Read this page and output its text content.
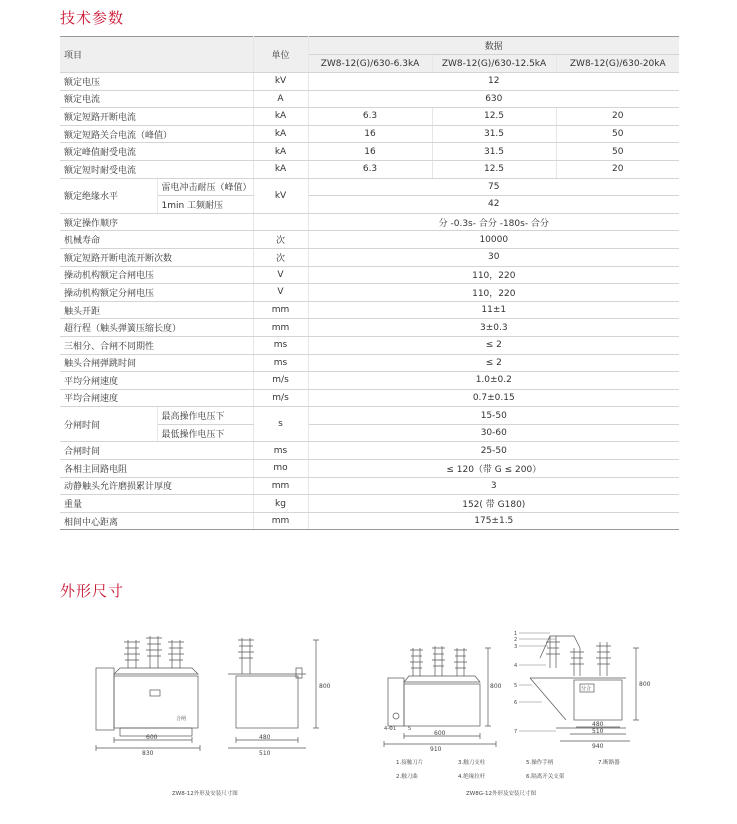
技术参数
项目		单位	数据		
			ZW8-12(G)/630-6.3kA	ZW8-12(G)/630-12.5kA	ZW8-12(G)/630-20kA
额定电压		kV	12		
额定电流		A	630		
额定短路开断电流		kA	6.3	12.5	20
额定短路关合电流（峰值）		kA	16	31.5	50
额定峰值耐受电流		kA	16	31.5	50
额定短时耐受电流		kA	6.3	12.5	20
额定绝缘水平	雷电冲击耐压（峰值）	kV	75		
	1min 工频耐压		42		
额定操作顺序			分 -0.3s- 合分 -180s- 合分		
机械寿命		次	10000		
额定短路开断电流开断次数		次	30		
操动机构额定合闸电压		V	110，220		
操动机构额定分闸电压		V	110，220		
触头开距		mm	11±1		
超行程（触头弹簧压缩长度）		mm	3±0.3		
三相分、合闸不同期性		ms	≤ 2		
触头合闸弹跳时间		ms	≤ 2		
平均分闸速度		m/s	1.0±0.2		
平均合闸速度		m/s	0.7±0.15		
分闸时间	最高操作电压下	s	15-50		
	最低操作电压下		30-60		
合闸时间		ms	25-50		
各相主回路电阻		mo	≤ 120（带 G ≤ 200）		
动静触头允许磨损累计厚度		mm	3		
重量		kg	152( 带 G180)		
相间中心距离		mm	175±1.5		
外形尺寸
合闸
600
830
800
480
510
ZW8-12外形及安装尺寸图
4-Φ1 5
600
910
800	分合
1
2
3
4
5
6
7
800
480
510
940
1.接触刀片	3.触刀支柱	5.操作手柄	7.断路器
2.触刀曲	4.绝缘拉杆	6.隔离开关支架
ZW8G-12外形及安装尺寸图
